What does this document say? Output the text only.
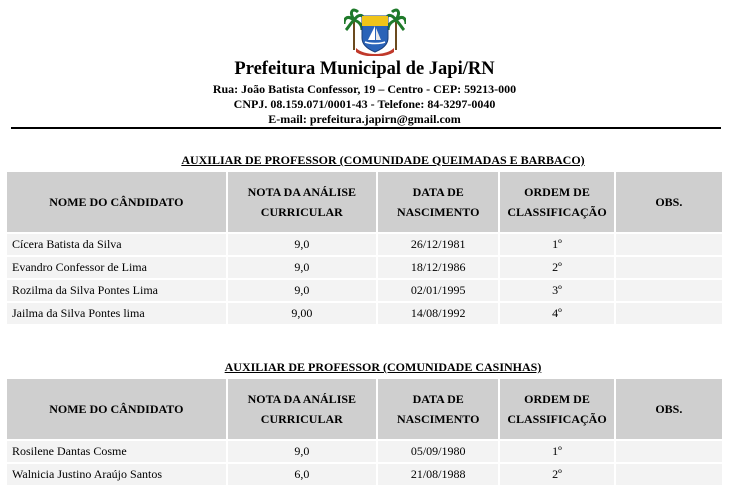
Prefeitura Municipal de Japi/RN
Rua: João Batista Confessor, 19 – Centro - CEP: 59213-000
CNPJ. 08.159.071/0001-43 - Telefone: 84-3297-0040
E-mail: prefeitura.japirn@gmail.com
AUXILIAR DE PROFESSOR (COMUNIDADE QUEIMADAS E BARBACO)
NOME DO CÂNDIDATO	NOTA DA ANÁLISE CURRICULAR	DATA DE NASCIMENTO	ORDEM DE CLASSIFICAÇÃO	OBS.
Cícera Batista da Silva	9,0	26/12/1981	1º	
Evandro Confessor de Lima	9,0	18/12/1986	2º	
Rozilma da Silva Pontes Lima	9,0	02/01/1995	3º	
Jailma da Silva Pontes lima	9,00	14/08/1992	4º	
AUXILIAR DE PROFESSOR (COMUNIDADE CASINHAS)
NOME DO CÂNDIDATO	NOTA DA ANÁLISE CURRICULAR	DATA DE NASCIMENTO	ORDEM DE CLASSIFICAÇÃO	OBS.
Rosilene Dantas Cosme	9,0	05/09/1980	1º	
Walnicia Justino Araújo Santos	6,0	21/08/1988	2º	
